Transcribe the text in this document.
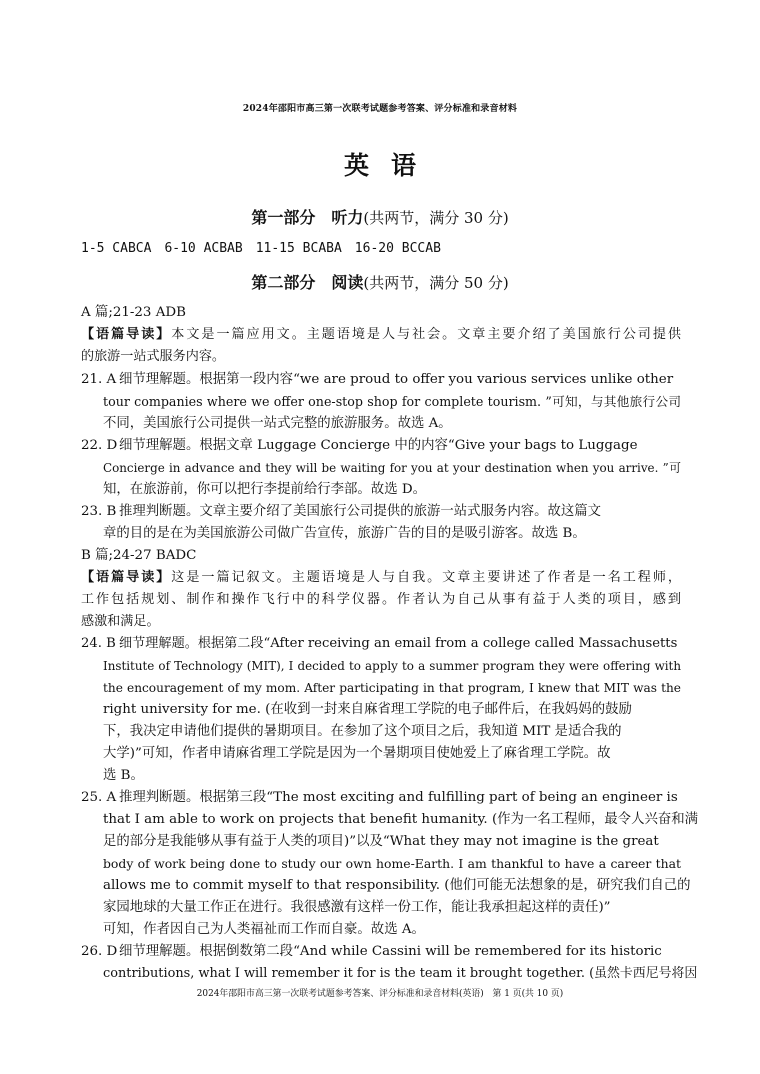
2024年邵阳市高三第一次联考试题参考答案、评分标准和录音材料
英语
第一部分　听力(共两节，满分 30 分)
1-5 CABCA　6-10 ACBAB　11-15 BCABA　16-20 BCCAB
第二部分　阅读(共两节，满分 50 分)
A 篇;21-23 ADB
【语篇导读】本文是一篇应用文。主题语境是人与社会。文章主要介绍了美国旅行公司提供
的旅游一站式服务内容。
21. A 细节理解题。根据第一段内容“we are proud to offer you various services unlike other
tour companies where we offer one-stop shop for complete tourism. ”可知，与其他旅行公司
不同，美国旅行公司提供一站式完整的旅游服务。故选 A。
22. D 细节理解题。根据文章 Luggage Concierge 中的内容“Give your bags to Luggage
Concierge in advance and they will be waiting for you at your destination when you arrive. ”可
知，在旅游前，你可以把行李提前给行李部。故选 D。
23. B 推理判断题。文章主要介绍了美国旅行公司提供的旅游一站式服务内容。故这篇文
章的目的是在为美国旅游公司做广告宣传，旅游广告的目的是吸引游客。故选 B。
B 篇;24-27 BADC
【语篇导读】这是一篇记叙文。主题语境是人与自我。文章主要讲述了作者是一名工程师，
工作包括规划、制作和操作飞行中的科学仪器。作者认为自己从事有益于人类的项目，感到
感激和满足。
24. B 细节理解题。根据第二段“After receiving an email from a college called Massachusetts
Institute of Technology (MIT), I decided to apply to a summer program they were offering with
the encouragement of my mom. After participating in that program, I knew that MIT was the
right university for me. (在收到一封来自麻省理工学院的电子邮件后，在我妈妈的鼓励
下，我决定申请他们提供的暑期项目。在参加了这个项目之后，我知道 MIT 是适合我的
大学)”可知，作者申请麻省理工学院是因为一个暑期项目使她爱上了麻省理工学院。故
选 B。
25. A 推理判断题。根据第三段“The most exciting and fulfilling part of being an engineer is
that I am able to work on projects that benefit humanity. (作为一名工程师，最令人兴奋和满
足的部分是我能够从事有益于人类的项目)”以及“What they may not imagine is the great
body of work being done to study our own home-Earth. I am thankful to have a career that
allows me to commit myself to that responsibility. (他们可能无法想象的是，研究我们自己的
家园地球的大量工作正在进行。我很感激有这样一份工作，能让我承担起这样的责任)”
可知，作者因自己为人类福祉而工作而自豪。故选 A。
26. D 细节理解题。根据倒数第二段“And while Cassini will be remembered for its historic
contributions, what I will remember it for is the team it brought together. (虽然卡西尼号将因
2024年邵阳市高三第一次联考试题参考答案、评分标准和录音材料(英语)　第 1 页(共 10 页)
